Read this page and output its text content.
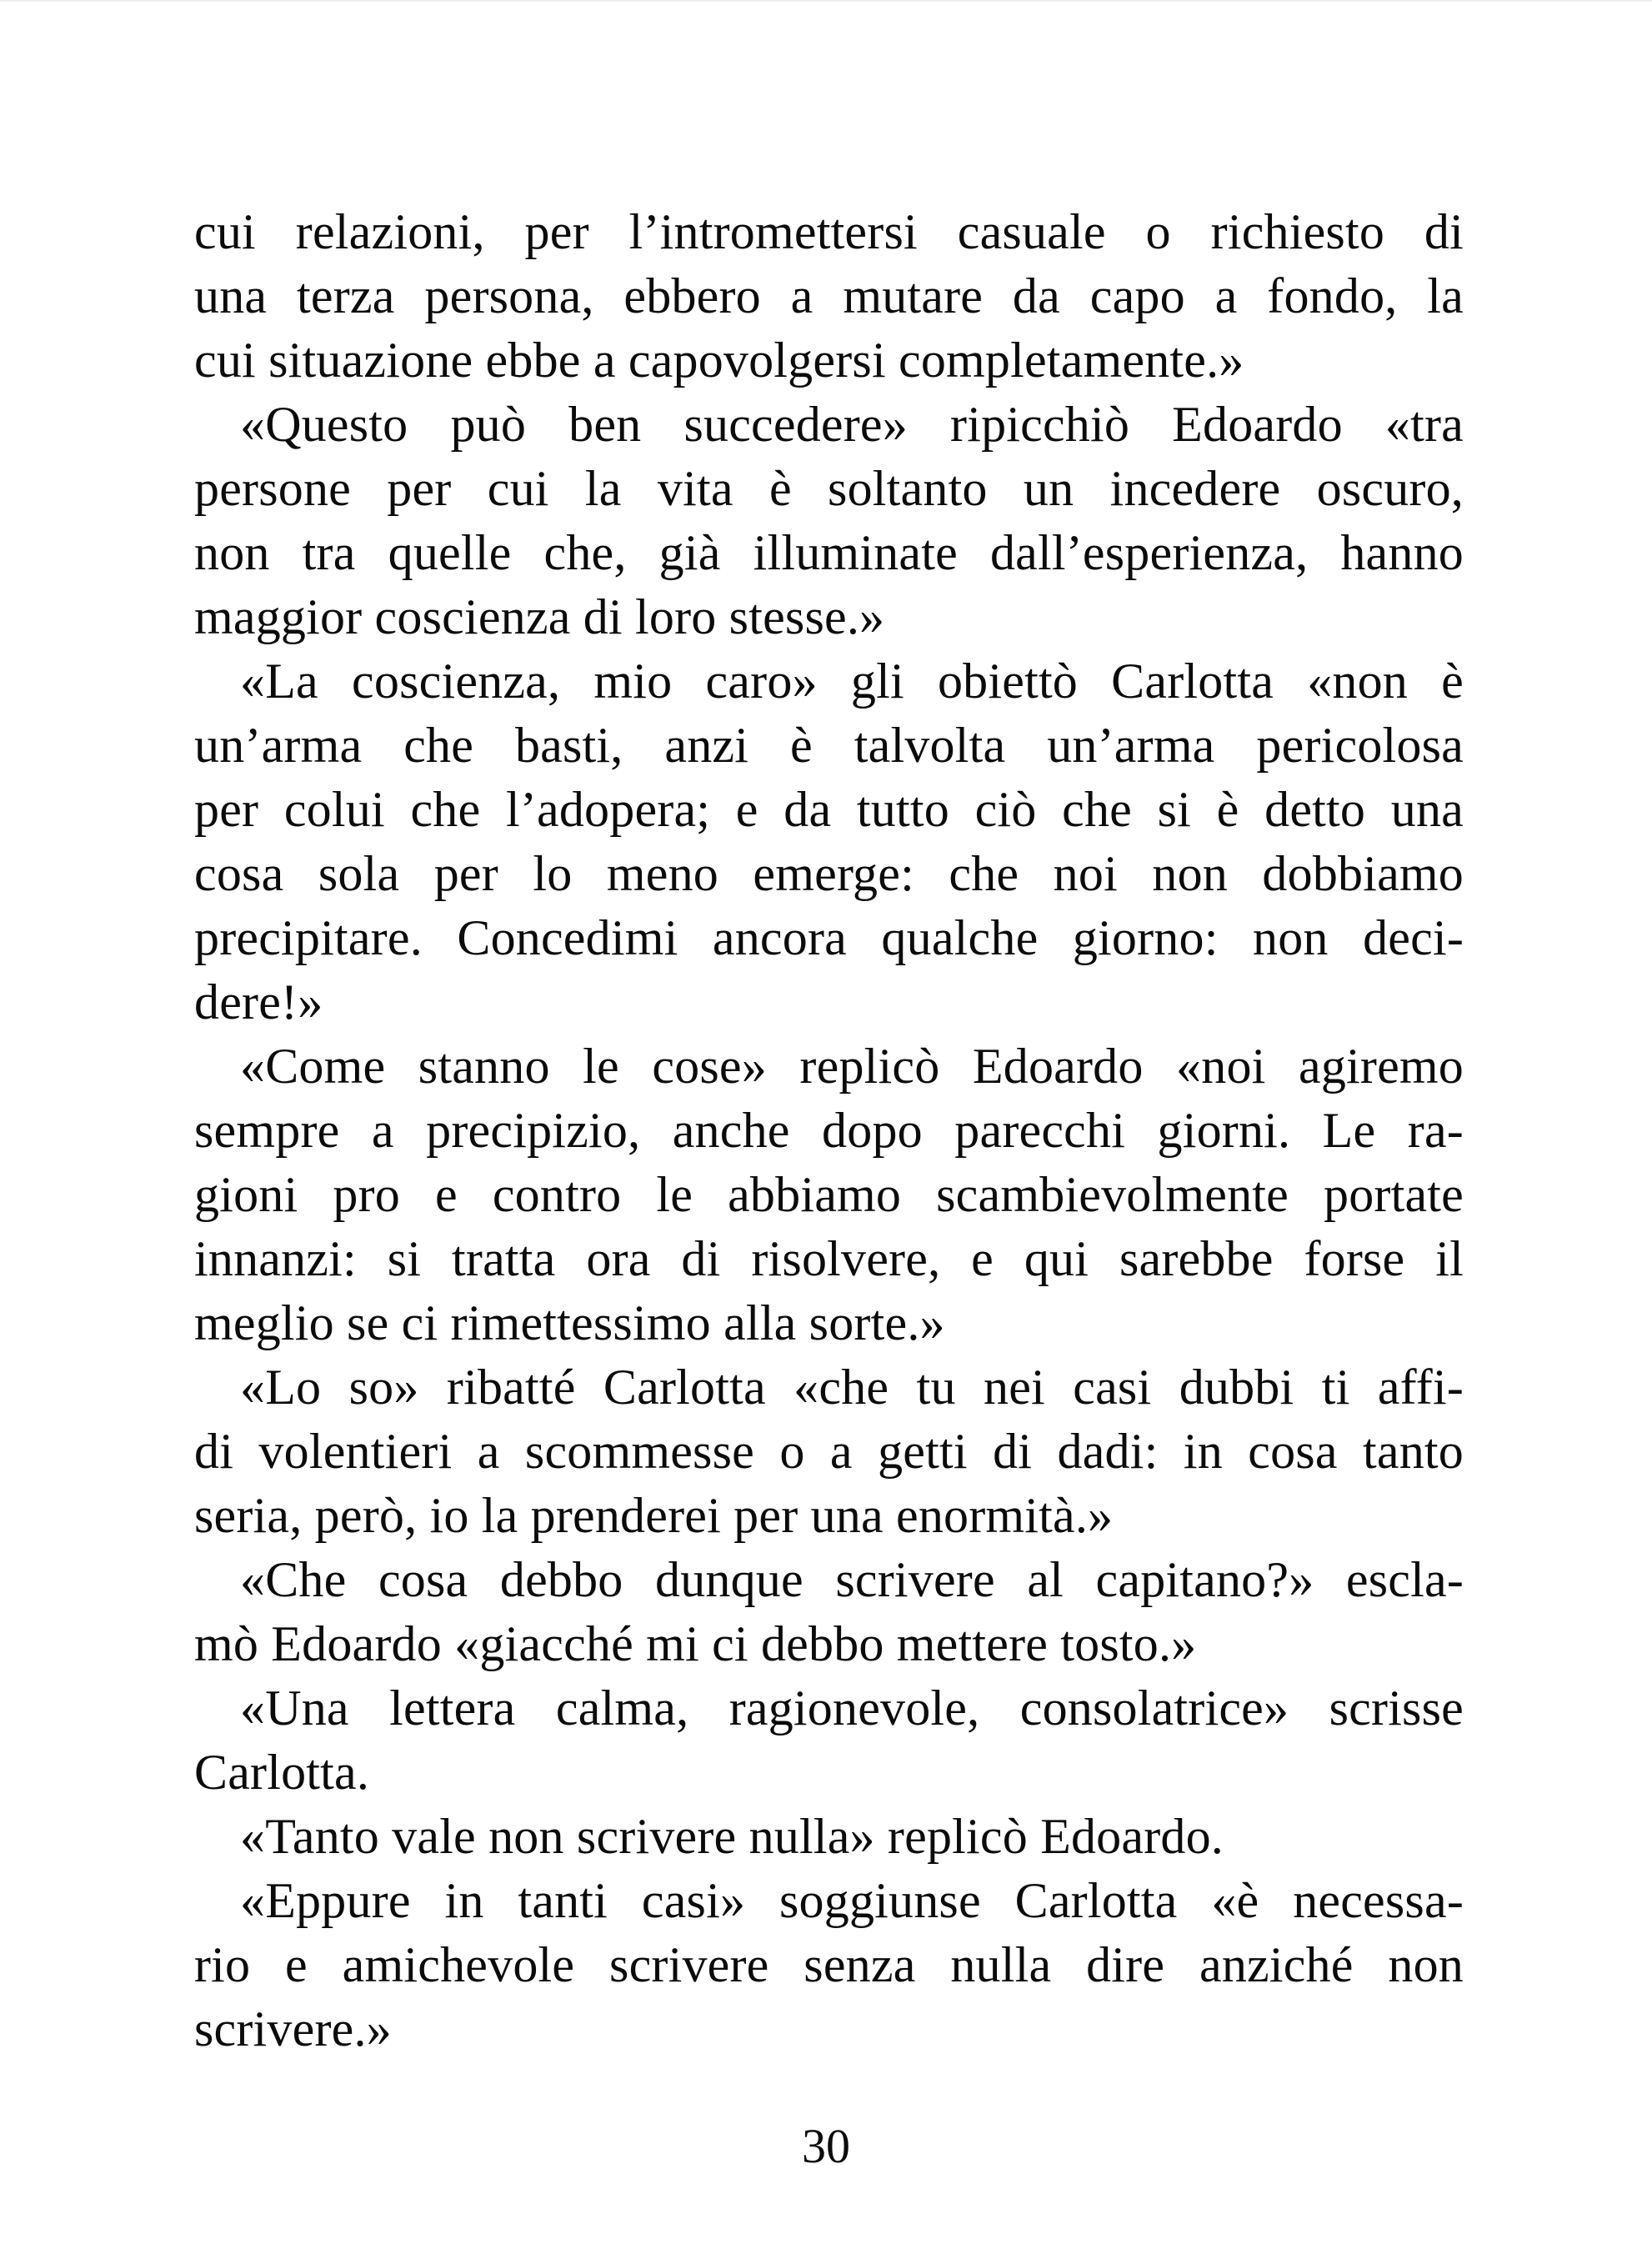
cui relazioni, per l’intromettersi casuale o richiesto di
una terza persona, ebbero a mutare da capo a fondo, la
cui situazione ebbe a capovolgersi completamente.»
«Questo può ben succedere» ripicchiò Edoardo «tra
persone per cui la vita è soltanto un incedere oscuro,
non tra quelle che, già illuminate dall’esperienza, hanno
maggior coscienza di loro stesse.»
«La coscienza, mio caro» gli obiettò Carlotta «non è
un’arma che basti, anzi è talvolta un’arma pericolosa
per colui che l’adopera; e da tutto ciò che si è detto una
cosa sola per lo meno emerge: che noi non dobbiamo
precipitare. Concedimi ancora qualche giorno: non deci-
dere!»
«Come stanno le cose» replicò Edoardo «noi agiremo
sempre a precipizio, anche dopo parecchi giorni. Le ra-
gioni pro e contro le abbiamo scambievolmente portate
innanzi: si tratta ora di risolvere, e qui sarebbe forse il
meglio se ci rimettessimo alla sorte.»
«Lo so» ribatté Carlotta «che tu nei casi dubbi ti affi-
di volentieri a scommesse o a getti di dadi: in cosa tanto
seria, però, io la prenderei per una enormità.»
«Che cosa debbo dunque scrivere al capitano?» escla-
mò Edoardo «giacché mi ci debbo mettere tosto.»
«Una lettera calma, ragionevole, consolatrice» scrisse
Carlotta.
«Tanto vale non scrivere nulla» replicò Edoardo.
«Eppure in tanti casi» soggiunse Carlotta «è necessa-
rio e amichevole scrivere senza nulla dire anziché non
scrivere.»
30
